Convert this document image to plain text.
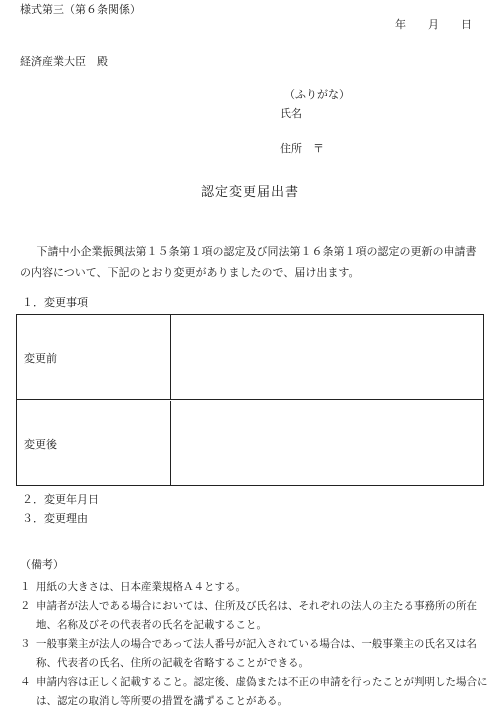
様式第三（第６条関係）
年 月 日
経済産業大臣　殿
（ふりがな）
氏名
住所 〒
認定変更届出書
下請中小企業振興法第１５条第１項の認定及び同法第１６条第１項の認定の更新の申請書の内容について、下記のとおり変更がありましたので、届け出ます。
１．変更事項
変更前
変更後
２．変更年月日
３．変更理由
（備考）
１ 用紙の大きさは、日本産業規格Ａ４とする。
２ 申請者が法人である場合においては、住所及び氏名は、それぞれの法人の主たる事務所の所在地、名称及びその代表者の氏名を記載すること。
３ 一般事業主が法人の場合であって法人番号が記入されている場合は、一般事業主の氏名又は名称、代表者の氏名、住所の記載を省略することができる。
４ 申請内容は正しく記載すること。認定後、虚偽または不正の申請を行ったことが判明した場合には、認定の取消し等所要の措置を講ずることがある。
